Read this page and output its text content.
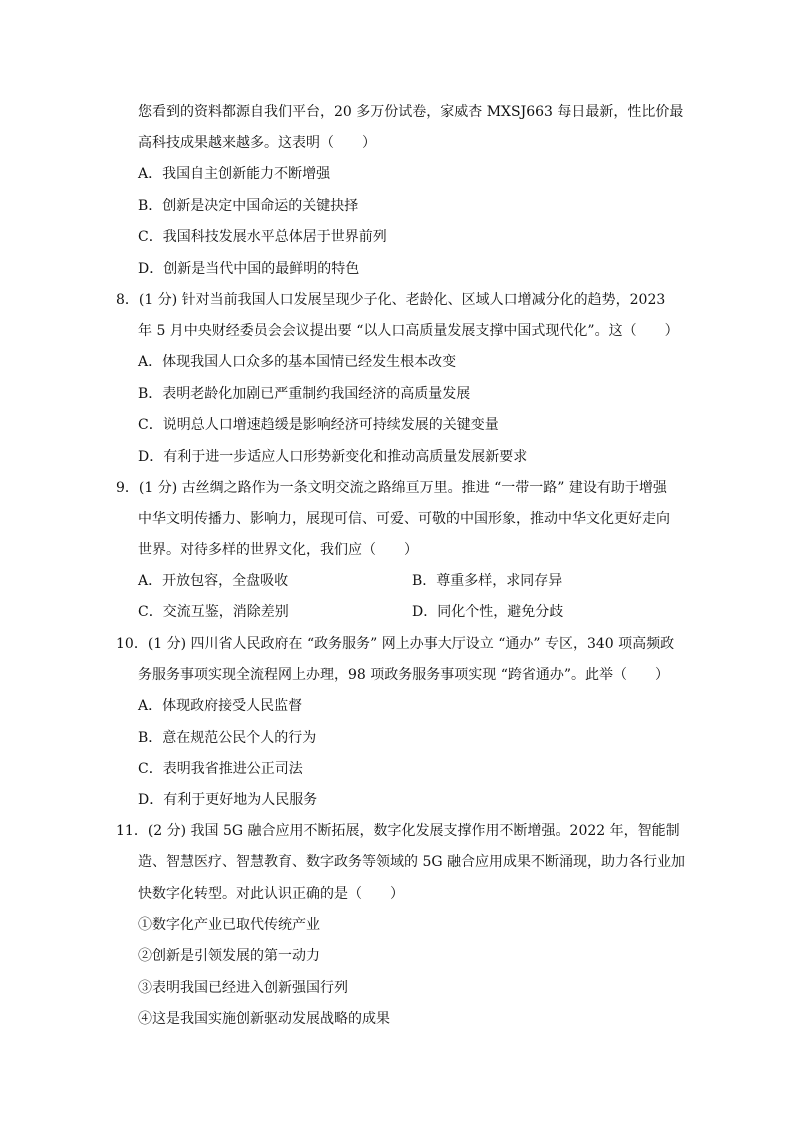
您看到的资料都源自我们平台，20 多万份试卷，家威杏 MXSJ663 每日最新，性比价最
高科技成果越来越多。这表明（　　）
A．我国自主创新能力不断增强
B．创新是决定中国命运的关键抉择
C．我国科技发展水平总体居于世界前列
D．创新是当代中国的最鲜明的特色
8．(1 分) 针对当前我国人口发展呈现少子化、老龄化、区域人口增减分化的趋势，2023
年 5 月中央财经委员会会议提出要 “以人口高质量发展支撑中国式现代化”。这（　　）
A．体现我国人口众多的基本国情已经发生根本改变
B．表明老龄化加剧已严重制约我国经济的高质量发展
C．说明总人口增速趋缓是影响经济可持续发展的关键变量
D．有利于进一步适应人口形势新变化和推动高质量发展新要求
9．(1 分) 古丝绸之路作为一条文明交流之路绵亘万里。推进 “一带一路” 建设有助于增强
中华文明传播力、影响力，展现可信、可爱、可敬的中国形象，推动中华文化更好走向
世界。对待多样的世界文化，我们应（　　）
A．开放包容，全盘吸收	B．尊重多样，求同存异
C．交流互鉴，消除差别	D．同化个性，避免分歧
10．(1 分) 四川省人民政府在 “政务服务” 网上办事大厅设立 “通办” 专区，340 项高频政
务服务事项实现全流程网上办理，98 项政务服务事项实现 “跨省通办”。此举（　　）
A．体现政府接受人民监督
B．意在规范公民个人的行为
C．表明我省推进公正司法
D．有利于更好地为人民服务
11．(2 分) 我国 5G 融合应用不断拓展，数字化发展支撑作用不断增强。2022 年，智能制
造、智慧医疗、智慧教育、数字政务等领域的 5G 融合应用成果不断涌现，助力各行业加
快数字化转型。对此认识正确的是（　　）
①数字化产业已取代传统产业
②创新是引领发展的第一动力
③表明我国已经进入创新强国行列
④这是我国实施创新驱动发展战略的成果
